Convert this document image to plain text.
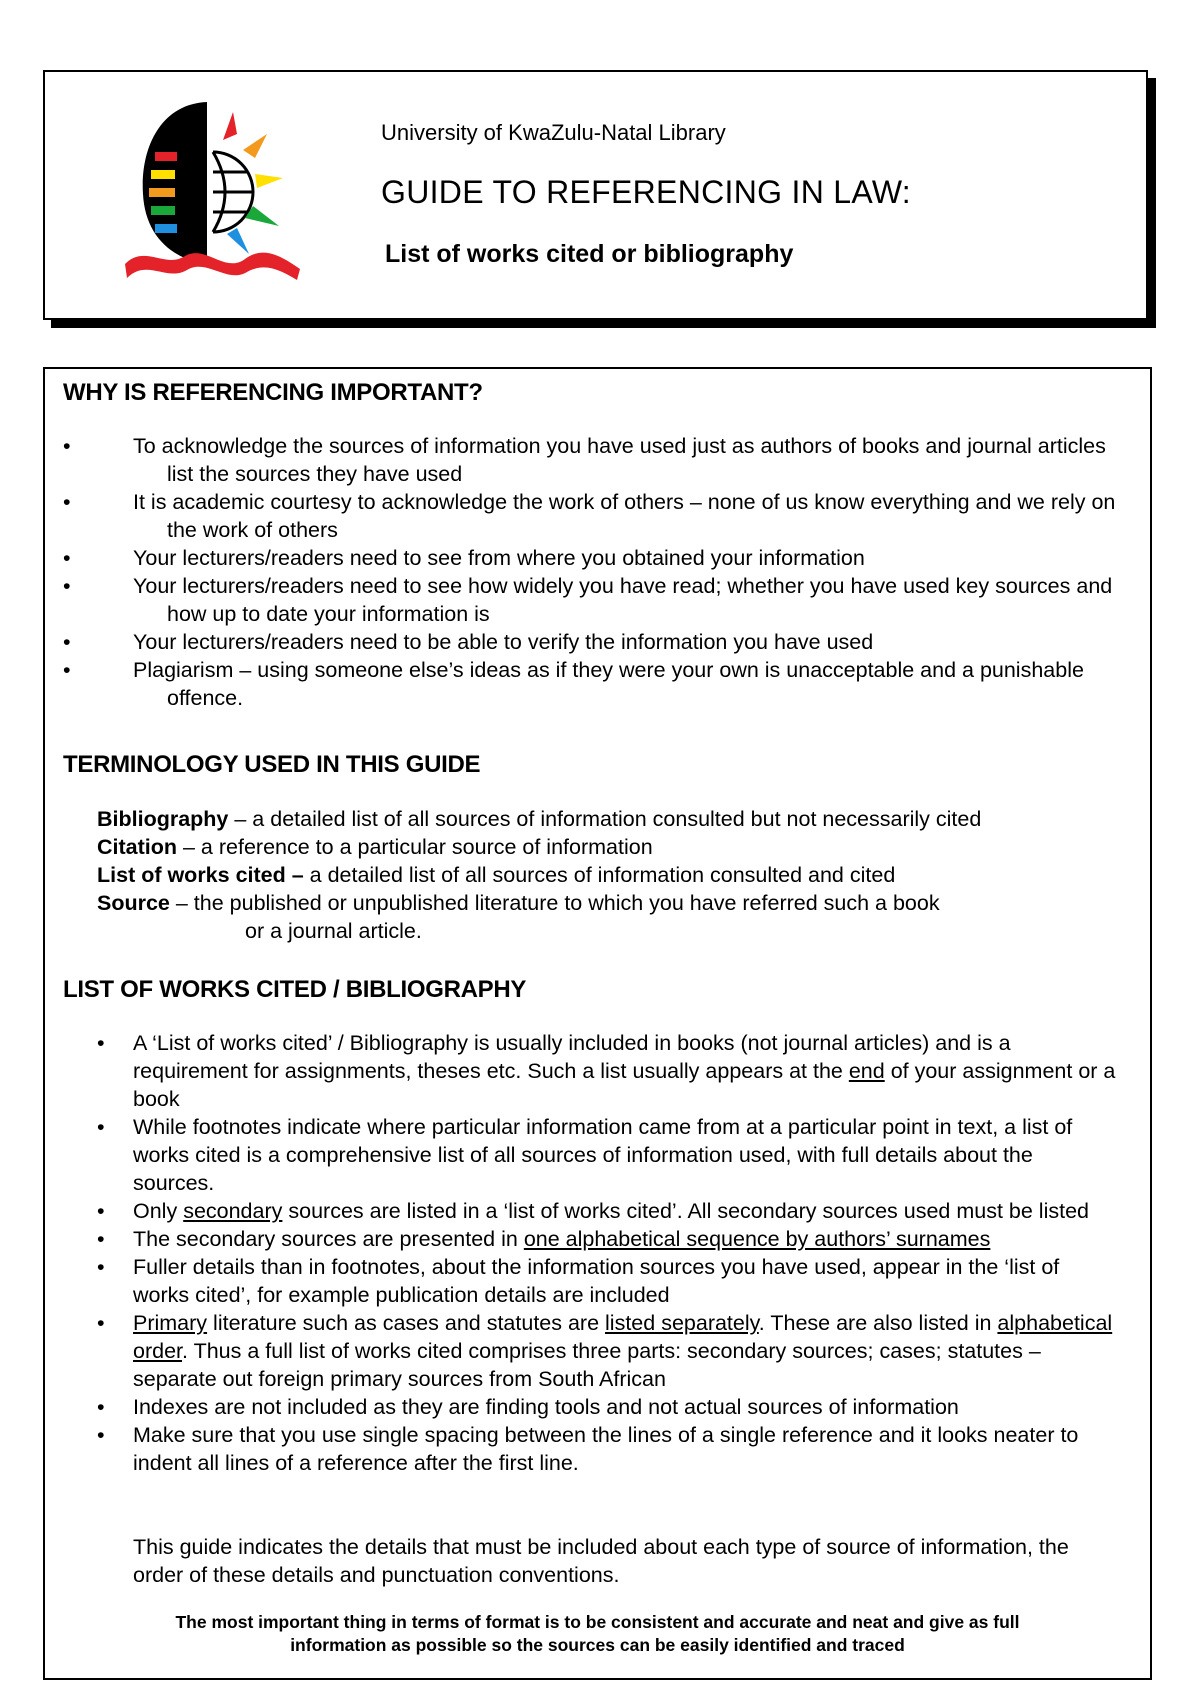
University of KwaZulu-Natal Library
GUIDE TO REFERENCING IN LAW:
List of works cited or bibliography
WHY IS REFERENCING IMPORTANT?
• To acknowledge the sources of information you have used just as authors of books and journal articles list the sources they have used
• It is academic courtesy to acknowledge the work of others – none of us know everything and we rely on the work of others
• Your lecturers/readers need to see from where you obtained your information
• Your lecturers/readers need to see how widely you have read; whether you have used key sources and how up to date your information is
• Your lecturers/readers need to be able to verify the information you have used
• Plagiarism – using someone else’s ideas as if they were your own is unacceptable and a punishable offence.
TERMINOLOGY USED IN THIS GUIDE
Bibliography – a detailed list of all sources of information consulted but not necessarily cited
Citation – a reference to a particular source of information
List of works cited – a detailed list of all sources of information consulted and cited
Source – the published or unpublished literature to which you have referred such a book
or a journal article.
LIST OF WORKS CITED / BIBLIOGRAPHY
• A ‘List of works cited’ / Bibliography is usually included in books (not journal articles) and is a requirement for assignments, theses etc. Such a list usually appears at the end of your assignment or a book
• While footnotes indicate where particular information came from at a particular point in text, a list of works cited is a comprehensive list of all sources of information used, with full details about the sources.
• Only secondary sources are listed in a ‘list of works cited’. All secondary sources used must be listed
• The secondary sources are presented in one alphabetical sequence by authors’ surnames
• Fuller details than in footnotes, about the information sources you have used, appear in the ‘list of works cited’, for example publication details are included
• Primary literature such as cases and statutes are listed separately. These are also listed in alphabetical order. Thus a full list of works cited comprises three parts: secondary sources; cases; statutes – separate out foreign primary sources from South African
• Indexes are not included as they are finding tools and not actual sources of information
• Make sure that you use single spacing between the lines of a single reference and it looks neater to indent all lines of a reference after the first line.
This guide indicates the details that must be included about each type of source of information, the order of these details and punctuation conventions.
The most important thing in terms of format is to be consistent and accurate and neat and give as full
information as possible so the sources can be easily identified and traced
